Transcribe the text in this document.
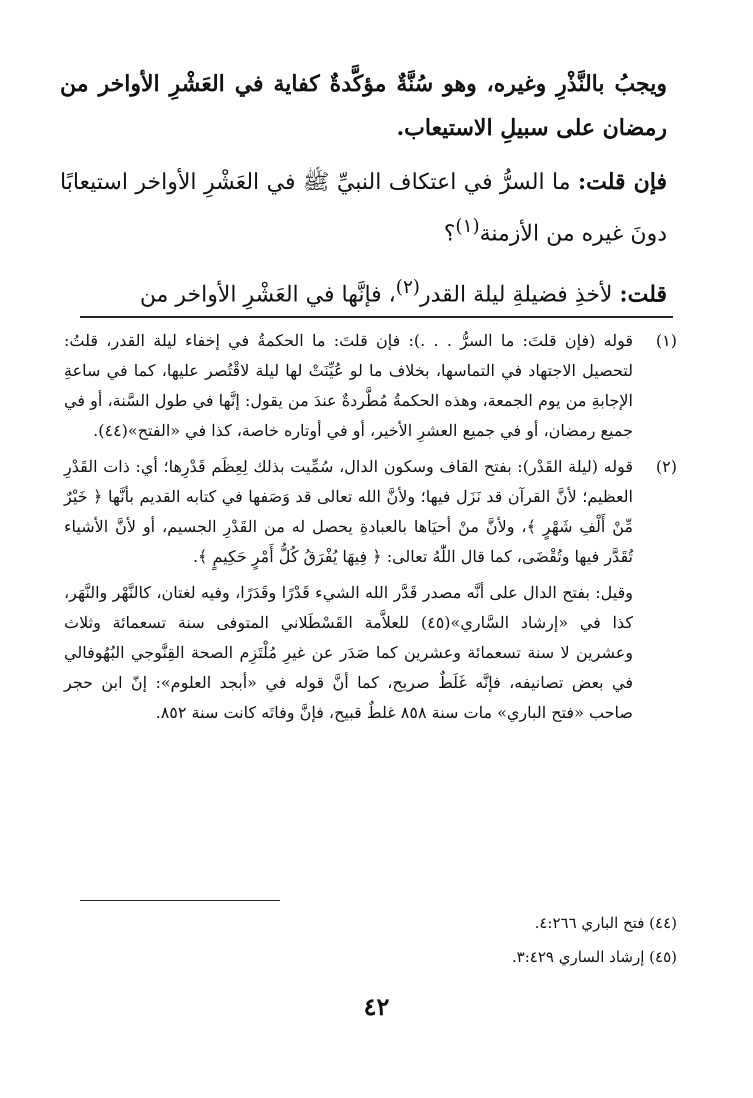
ويجبُ بالنَّذْرِ وغيره، وهو سُنَّةٌ مؤكَّدةٌ كفاية في العَشْرِ الأواخر من رمضان على سبيلِ الاستيعاب.

فإن قلت: ما السرُّ في اعتكاف النبيِّ ﷺ في العَشْرِ الأواخر استيعابًا دونَ غيره من الأزمنة$^{(١)}$؟

قلت: لأخذِ فضيلةِ ليلة القدر$^{(٢)}$، فإنَّها في العَشْرِ الأواخر من

(١)
قوله (فإن قلتَ: ما السرُّ . . .): فإن قلتَ: ما الحكمةُ في إخفاء ليلة القدر، قلتُ: لتحصيل الاجتهاد في التماسها، بخلاف ما لو عُيِّنَتْ لها ليلة لاقْتُصر عليها، كما في ساعةِ الإجابةِ من يوم الجمعة، وهذه الحكمةُ مُطَّردةٌ عندَ من يقول: إنَّها في طول السَّنة، أو في جميع رمضان، أو في جميع العشرِ الأخير، أو في أوتاره خاصة، كذا في «الفتح»(٤٤).
(٢)
قوله (ليلة القَدْر): بفتح القاف وسكون الدال، سُمِّيت بذلك لِعِظَم قَدْرِها؛ أي: ذات القَدْرِ العظيم؛ لأنَّ القرآن قد نَزَل فيها؛ ولأنَّ الله تعالى قد وَصَفها في كتابه القديم بأنَّها ﴿ خَيْرٌ مِّنْ أَلْفِ شَهْرٍ ﴾، ولأنَّ منْ أحيَاها بالعبادةِ يحصل له من القَدْرِ الجسيم، أو لأنَّ الأشياء تُقَدَّر فيها وتُقْضَى، كما قال اللّٰهُ تعالى: ﴿ فِيهَا يُفْرَقُ كُلُّ أَمْرٍ حَكِيمٍ ﴾.
وقيل: بفتح الدال على أنَّه مصدر قَدَّر الله الشيء قَدْرًا وقَدَرًا، وفيه لغتان، كالنَّهْر والنَّهَر، كذا في «إرشاد السَّاري»(٤٥) للعلاَّمة القَسْطَلاني المتوفى سنة تسعمائة وثلاث وعشرين لا سنة تسعمائة وعشرين كما صَدَر عن غيرِ مُلْتَزِم الصحة القِنَّوجي البُهُوفالي في بعض تصانيفه، فإنَّه غَلَطٌ صريح، كما أنَّ قوله في «أبجد العلوم»: إنّ ابن حجر صاحب «فتح الباري» مات سنة ٨٥٨ غلطٌ قبيح، فإنَّ وفاتَه كانت سنة ٨٥٢.
(٤٤) فتح الباري ٤:٢٦٦.
(٤٥) إرشاد الساري ٣:٤٢٩.
٤٢
